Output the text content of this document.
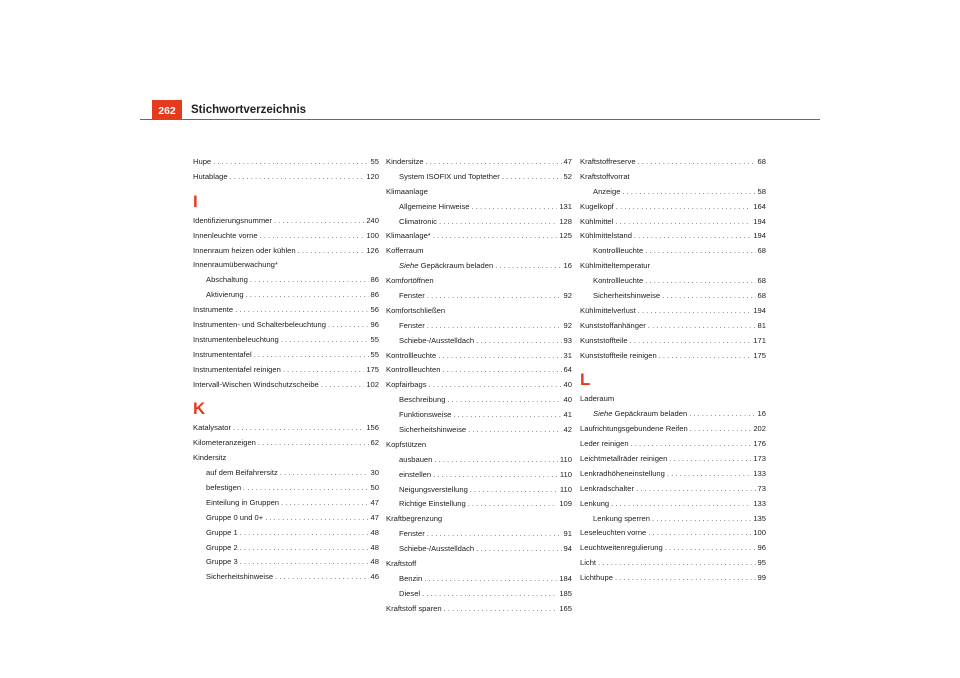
262	Stichwortverzeichnis
Hupe . . .	55
Hutablage . . .	120
I
Identifizierungsnummer . . .	240
Innenleuchte vorne . . .	100
Innenraum heizen oder kühlen . . .	126
Innenraumüberwachung*
Abschaltung . . .	86
Aktivierung . . .	86
Instrumente . . .	56
Instrumenten- und Schalterbeleuchtung . . .	96
Instrumentenbeleuchtung . . .	55
Instrumententafel . . .	55
Instrumententafel reinigen . . .	175
Intervall-Wischen Windschutzscheibe . . .	102
K
Katalysator . . .	156
Kilometeranzeigen . . .	62
Kindersitz
auf dem Beifahrersitz . . .	30
befestigen . . .	50
Einteilung in Gruppen . . .	47
Gruppe 0 und 0+ . . .	47
Gruppe 1 . . .	48
Gruppe 2 . . .	48
Gruppe 3 . . .	48
Sicherheitshinweise . . .	46
Kindersitze . . .	47
System ISOFIX und Toptether . . .	52
Klimaanlage
Allgemeine Hinweise . . .	131
Climatronic . . .	128
Klimaanlage* . . .	125
Kofferraum
Siehe Gepäckraum beladen . . .	16
Komfortöffnen
Fenster . . .	92
Komfortschließen
Fenster . . .	92
Schiebe-/Ausstelldach . . .	93
Kontrollleuchte . . .	31
Kontrollleuchten . . .	64
Kopfairbags . . .	40
Beschreibung . . .	40
Funktionsweise . . .	41
Sicherheitshinweise . . .	42
Kopfstützen
ausbauen . . .	110
einstellen . . .	110
Neigungsverstellung . . .	110
Richtige Einstellung . . .	109
Kraftbegrenzung
Fenster . . .	91
Schiebe-/Ausstelldach . . .	94
Kraftstoff
Benzin . . .	184
Diesel . . .	185
Kraftstoff sparen . . .	165
Kraftstoffreserve . . .	68
Kraftstoffvorrat
Anzeige . . .	58
Kugelkopf . . .	164
Kühlmittel . . .	194
Kühlmittelstand . . .	194
Kontrollleuchte . . .	68
Kühlmitteltemperatur
Kontrollleuchte . . .	68
Sicherheitshinweise . . .	68
Kühlmittelverlust . . .	194
Kunststoffanhänger . . .	81
Kunststoffteile . . .	171
Kunststoffteile reinigen . . .	175
L
Laderaum
Siehe Gepäckraum beladen . . .	16
Laufrichtungsgebundene Reifen . . .	202
Leder reinigen . . .	176
Leichtmetallräder reinigen . . .	173
Lenkradhöheneinstellung . . .	133
Lenkradschalter . . .	73
Lenkung . . .	133
Lenkung sperren . . .	135
Leseleuchten vorne . . .	100
Leuchtweitenregulierung . . .	96
Licht . . .	95
Lichthupe . . .	99
